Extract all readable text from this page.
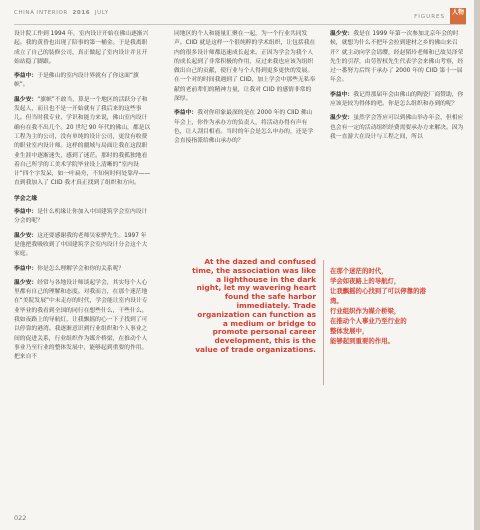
CHINA INTERIOR 2016 JULY
FIGURES
人物

设计院工作到 1994 年，室内设计开始在佛山逐渐兴起。我的黄昏也出现了陪事的第一桶金。于是我离职成立了自己的装修公司，真正做起了室内设计并且开始站稳了脚跟。

李益中：于是佛山的室内设计界就有了你这面“旗帜”。

温少安：“旗帜”不敢当，算是一个地区的活跃分子和发起人，而且也不是一开始就有了我后来的这些事儿。但当时我专业、学识和能力来说，佛山室内设计确有在我不出几个。20 世纪 90 年代的佛山，都是以工程为主的公司，没有单纯的设计公司，更没有收费的职业室内设计师。这样的疆域与局面让我在这段职业生涯中逐渐迷失，感到了迷茫。那时的我孤独地看着自己所学的工美术学院毕业设上清晰的“室内设计”四个字发呆，如一叶扁舟，不知何时何处靠岸——直到我加入了 CIID 我才真正找到了组织和方向。

学会之缘

李益中：是什么机缘让你加入中国建筑学会室内设计分会的呢？

温少安：这还要感谢我的老师吴家骅先生。1997 年是他把我吸收到了中国建筑学会室内设计分会这个大家庭。

李益中：你是怎么理解学会和你的关系呢？

温少安：经常与各地设计师谈起学会，其实每个人心里都有自己的理解和态度。对我而言，在那个迷茫地在“美院发展”中未走存的时代，学会能让室内设计专业毕业的我看到全国的同行在想些什么，干些什么。我如夜路上的导航灯，让我飘摇的心一下子找到了可以停靠的港湾。我逐渐意识到行业组织和个人事业之间的促进关系，行业组织作为媒介桥梁，在推动个人事业乃至行业的整体发展中，能够起到重要的作用。把来自不

同地区的个人和能量汇聚在一起，为一个行业共同发声。CIID 就是这样一个很纯粹的学术组织，让包括我在内的很多设计师都迅速成长起来。正因为学会为我个人的成长起到了非常积极的作用，反过来我也应该为组织做出自己的贡献，使行业与个人得到更多更快的发展。在一个对的时间我遇到了 CIID，加上学会中那些无私奉献的老前辈们的精神力量，让我对 CIID 的感情非常的深厚。

李益中：我对你印象最深的是在 2000 年的 CIID 佛山年会上，你作为承办方的负责人，将活动办得有声有色，让人刮目相看。当时的年会是怎么申办的，还是学会直接指派给佛山承办的？

温少安：我是在 1999 年第一次参加北京年会的时候，就想为什么不把年会拉到建材之乡的佛山来召开？就主动向学会请缨，经赵韬玲老师和已故吴泽荣先生的引荐，由劳智权先生代表学会来佛山考察，经过一番努力后终于承办了 2000 年的 CIID 第十一届年会。

李益中：我记得那届年会由佛山的陶瓷厂商赞助，你应该是较为得体的吧。你是怎么组织和办到的呢？

温少安：虽然学会答应可以到佛山举办年会，但相应也会有一定的活动组织经费需要承办方来解决。因为我一直游大在设计与工程之间，所以

At the dazed and confused time, the association was like a lighthouse in the dark night, let my wavering heart found the safe harbor immediately. Trade organization can function as a medium or bridge to promote personal career development, this is the value of trade organizations.
在那个迷茫的时代，
学会如夜路上的导航灯，
让我飘摇的心找到了可以停靠的港湾。
行业组织作为媒介桥梁，
在推动个人事业乃至行业的
整体发展中，
能够起到重要的作用。
022
